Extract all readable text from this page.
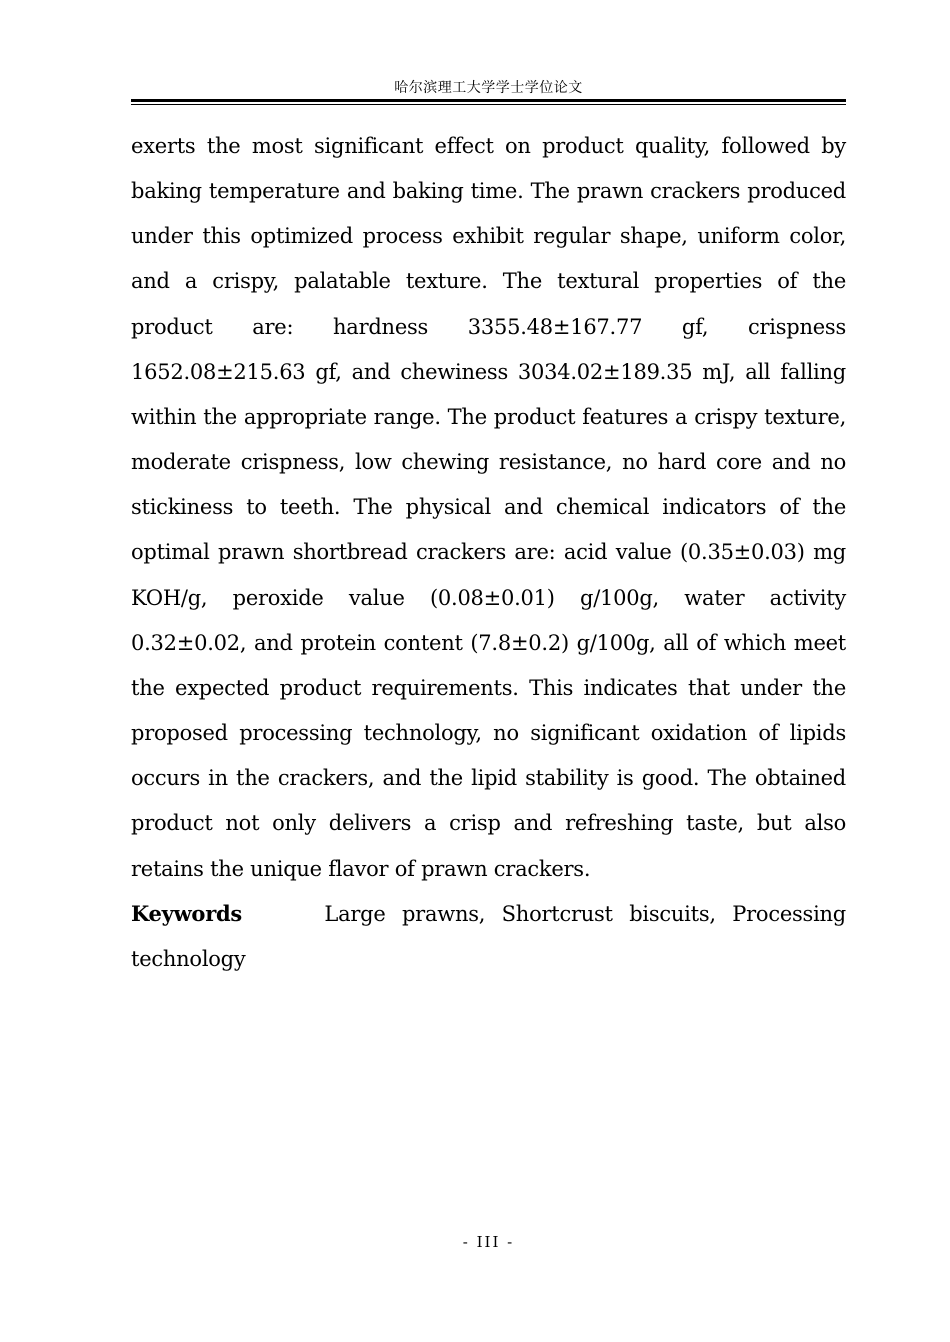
哈尔滨理工大学学士学位论文

exerts the most significant effect on product quality, followed by baking temperature and baking time. The prawn crackers produced under this optimized process exhibit regular shape, uniform color, and a crispy, palatable texture. The textural properties of the product are: hardness 3355.48±167.77 gf, crispness 1652.08±215.63 gf, and chewiness 3034.02±189.35 mJ, all falling within the appropriate range. The product features a crispy texture, moderate crispness, low chewing resistance, no hard core and no stickiness to teeth. The physical and chemical indicators of the optimal prawn shortbread crackers are: acid value (0.35±0.03) mg KOH/g, peroxide value (0.08±0.01) g/100g, water activity 0.32±0.02, and protein content (7.8±0.2) g/100g, all of which meet the expected product requirements. This indicates that under the proposed processing technology, no significant oxidation of lipids occurs in the crackers, and the lipid stability is good. The obtained product not only delivers a crisp and refreshing taste, but also retains the unique flavor of prawn crackers.

Keywords	Large prawns, Shortcrust biscuits, Processing technology

- III -
